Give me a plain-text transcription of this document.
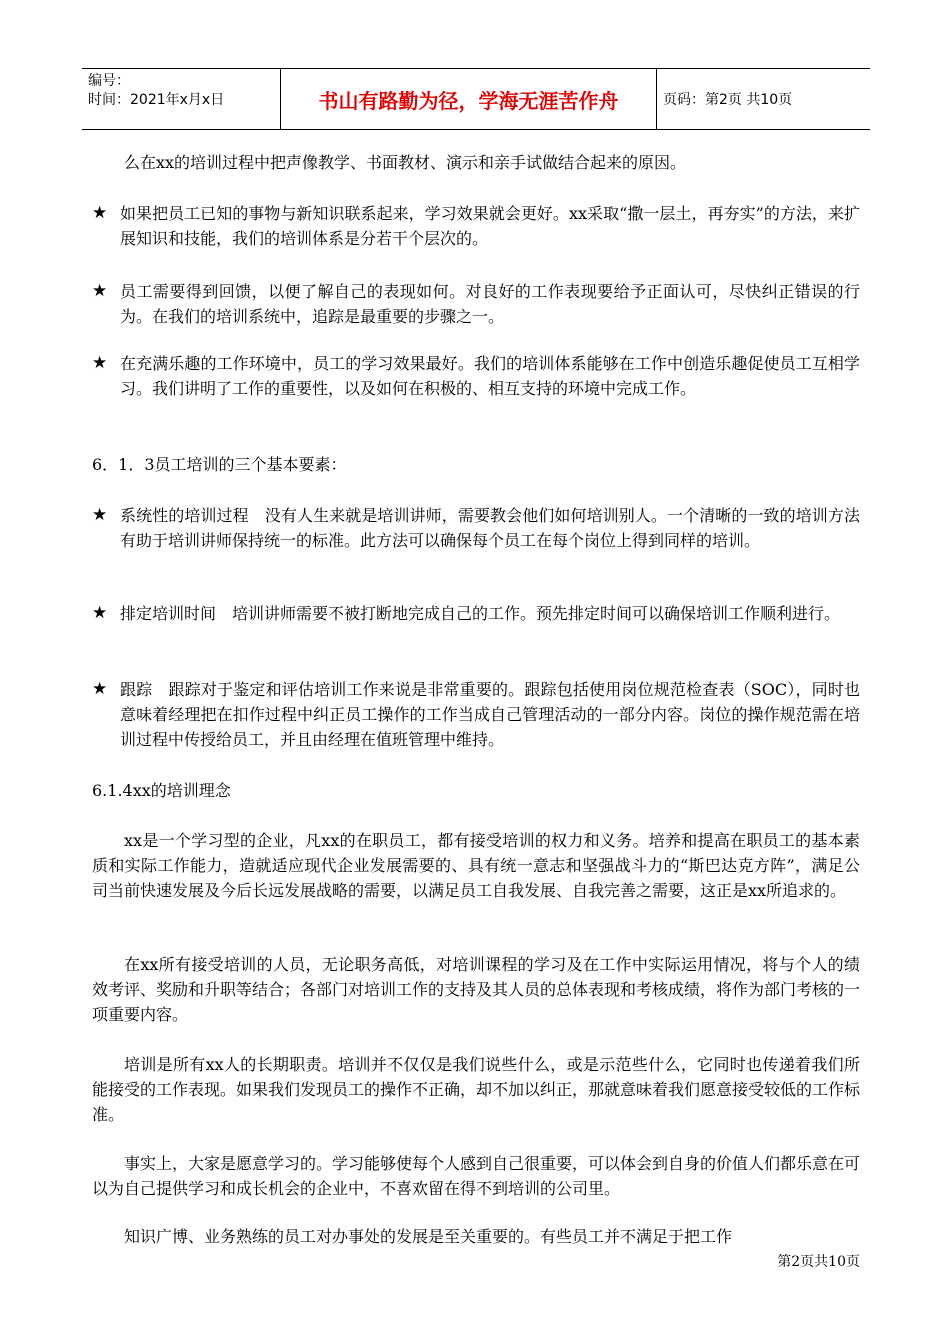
编号：
时间：2021年x月x日	书山有路勤为径，学海无涯苦作舟	页码：第2页 共10页
么在xx的培训过程中把声像教学、书面教材、演示和亲手试做结合起来的原因。
★ 如果把员工已知的事物与新知识联系起来，学习效果就会更好。xx采取“撒一层土，再夯实”的方法，来扩展知识和技能，我们的培训体系是分若干个层次的。
★ 员工需要得到回馈，以便了解自己的表现如何。对良好的工作表现要给予正面认可，尽快纠正错误的行为。在我们的培训系统中，追踪是最重要的步骤之一。
★ 在充满乐趣的工作环境中，员工的学习效果最好。我们的培训体系能够在工作中创造乐趣促使员工互相学习。我们讲明了工作的重要性，以及如何在积极的、相互支持的环境中完成工作。
6．1．3员工培训的三个基本要素：
★ 系统性的培训过程　没有人生来就是培训讲师，需要教会他们如何培训别人。一个清晰的一致的培训方法有助于培训讲师保持统一的标准。此方法可以确保每个员工在每个岗位上得到同样的培训。
★ 排定培训时间　培训讲师需要不被打断地完成自己的工作。预先排定时间可以确保培训工作顺利进行。
★ 跟踪　跟踪对于鉴定和评估培训工作来说是非常重要的。跟踪包括使用岗位规范检查表（SOC），同时也意味着经理把在扣作过程中纠正员工操作的工作当成自己管理活动的一部分内容。岗位的操作规范需在培训过程中传授给员工，并且由经理在值班管理中维持。
6.1.4xx的培训理念
xx是一个学习型的企业，凡xx的在职员工，都有接受培训的权力和义务。培养和提高在职员工的基本素质和实际工作能力，造就适应现代企业发展需要的、具有统一意志和坚强战斗力的“斯巴达克方阵”，满足公司当前快速发展及今后长远发展战略的需要，以满足员工自我发展、自我完善之需要，这正是xx所追求的。
在xx所有接受培训的人员，无论职务高低，对培训课程的学习及在工作中实际运用情况，将与个人的绩效考评、奖励和升职等结合；各部门对培训工作的支持及其人员的总体表现和考核成绩，将作为部门考核的一项重要内容。
培训是所有xx人的长期职责。培训并不仅仅是我们说些什么，或是示范些什么，它同时也传递着我们所能接受的工作表现。如果我们发现员工的操作不正确，却不加以纠正，那就意味着我们愿意接受较低的工作标准。
事实上，大家是愿意学习的。学习能够使每个人感到自己很重要，可以体会到自身的价值人们都乐意在可以为自己提供学习和成长机会的企业中，不喜欢留在得不到培训的公司里。
知识广博、业务熟练的员工对办事处的发展是至关重要的。有些员工并不满足于把工作
第2页共10页
